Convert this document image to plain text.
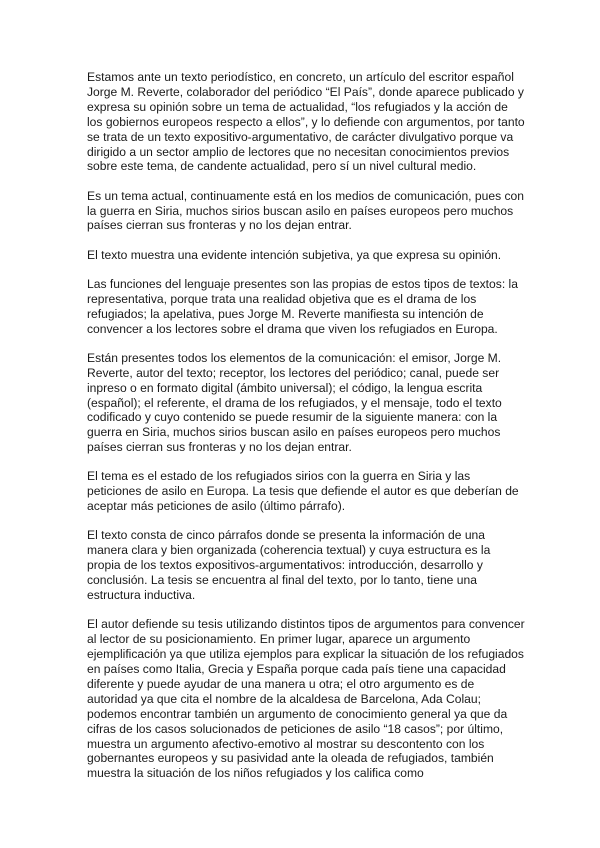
Estamos ante un texto periodístico, en concreto, un artículo del escritor español Jorge M. Reverte, colaborador del periódico “El País”, donde aparece publicado y expresa su opinión sobre un tema de actualidad, “los refugiados y la acción de los gobiernos europeos respecto a ellos”, y lo defiende con argumentos, por tanto se trata de un texto expositivo-argumentativo, de carácter divulgativo porque va dirigido a un sector amplio de lectores que no necesitan conocimientos previos sobre este tema, de candente actualidad, pero sí un nivel cultural medio.

Es un tema actual, continuamente está en los medios de comunicación, pues con la guerra en Siria, muchos sirios buscan asilo en países europeos pero muchos países cierran sus fronteras y no los dejan entrar.

El texto muestra una evidente intención subjetiva, ya que expresa su opinión.

Las funciones del lenguaje presentes son las propias de estos tipos de textos: la representativa, porque trata una realidad objetiva que es el drama de los refugiados; la apelativa, pues Jorge M. Reverte manifiesta su intención de convencer a los lectores sobre el drama que viven los refugiados en Europa.

Están presentes todos los elementos de la comunicación: el emisor, Jorge M. Reverte, autor del texto; receptor, los lectores del periódico; canal, puede ser inpreso o en formato digital (ámbito universal); el código, la lengua escrita (español); el referente, el drama de los refugiados, y el mensaje, todo el texto codificado y cuyo contenido se puede resumir de la siguiente manera: con la guerra en Siria, muchos sirios buscan asilo en países europeos pero muchos países cierran sus fronteras y no los dejan entrar.

El tema es el estado de los refugiados sirios con la guerra en Siria y las peticiones de asilo en Europa. La tesis que defiende el autor es que deberían de aceptar más peticiones de asilo (último párrafo).

El texto consta de cinco párrafos donde se presenta la información de una manera clara y bien organizada (coherencia textual) y cuya estructura es la propia de los textos expositivos-argumentativos: introducción, desarrollo y conclusión. La tesis se encuentra al final del texto, por lo tanto, tiene una estructura inductiva.

El autor defiende su tesis utilizando distintos tipos de argumentos para convencer al lector de su posicionamiento. En primer lugar, aparece un argumento ejemplificación ya que utiliza ejemplos para explicar la situación de los refugiados en países como Italia, Grecia y España porque cada país tiene una capacidad diferente y puede ayudar de una manera u otra; el otro argumento es de autoridad ya que cita el nombre de la alcaldesa de Barcelona, Ada Colau; podemos encontrar también un argumento de conocimiento general ya que da cifras de los casos solucionados de peticiones de asilo “18 casos”; por último, muestra un argumento afectivo-emotivo al mostrar su descontento con los gobernantes europeos y su pasividad ante la oleada de refugiados, también muestra la situación de los niños refugiados y los califica como
